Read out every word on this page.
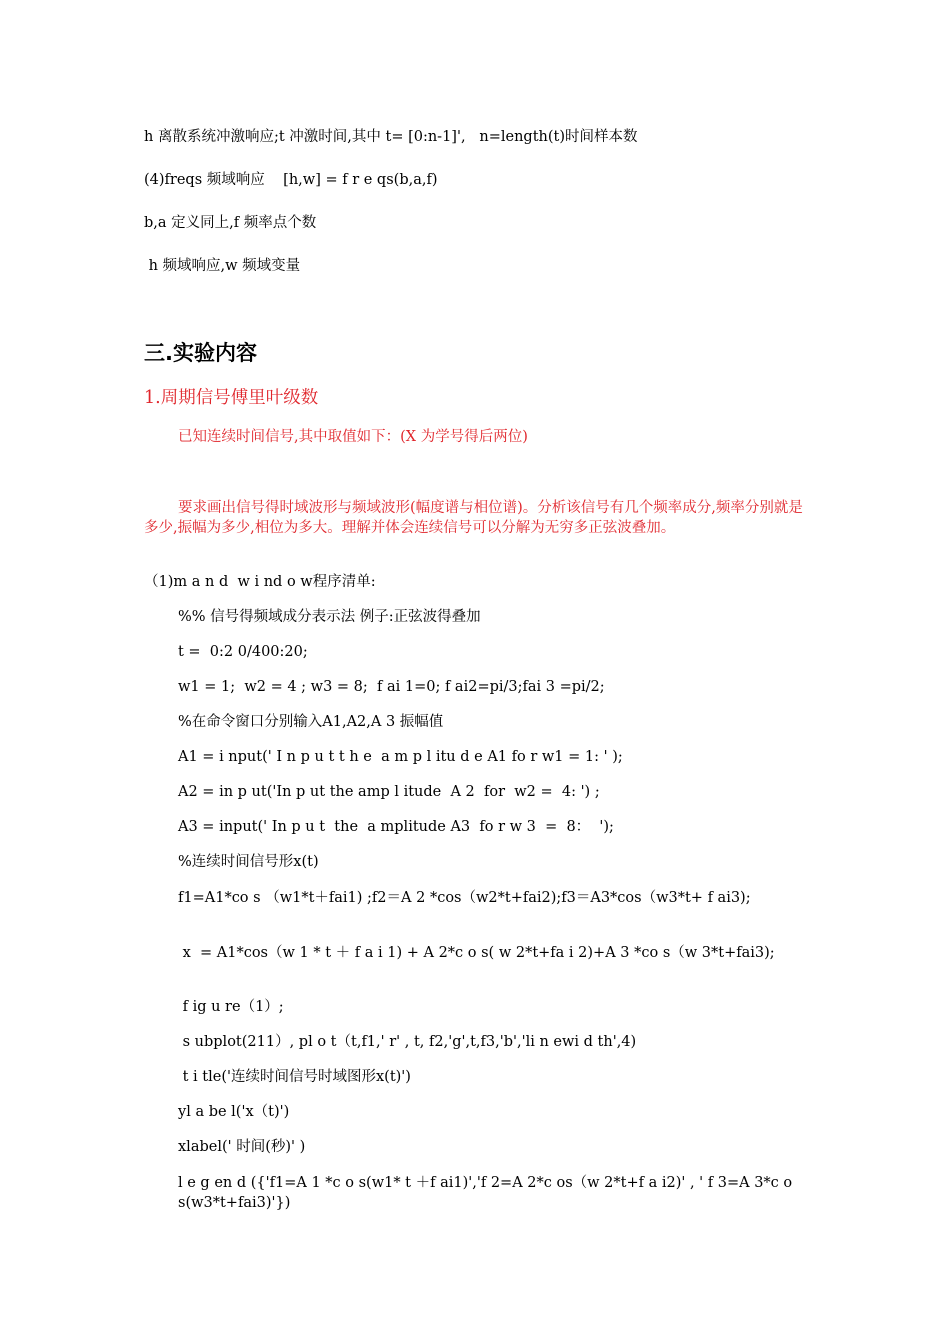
h 离散系统冲激响应;t 冲激时间,其中 t= [0:n-1]',   n=length(t)时间样本数
(4)freqs 频域响应    [h,w] = f r e qs(b,a,f)
b,a 定义同上,f 频率点个数
h 频域响应,w 频域变量
三.实验内容
1.周期信号傅里叶级数
已知连续时间信号,其中取值如下：(X 为学号得后两位)
要求画出信号得时域波形与频域波形(幅度谱与相位谱)。分析该信号有几个频率成分,频率分别就是多少,振幅为多少,相位为多大。理解并体会连续信号可以分解为无穷多正弦波叠加。
（1)m a n d  w i nd o w程序清单:
%% 信号得频域成分表示法 例子:正弦波得叠加
t =  0:2 0/400:20;
w1 = 1;  w2 = 4 ; w3 = 8;  f ai 1=0; f ai2=pi/3;fai 3 =pi/2;
%在命令窗口分别输入A1,A2,A 3 振幅值
A1 = i nput(' I n p u t t h e  a m p l itu d e A1 fo r w1 = 1: ' );
A2 = in p ut('In p ut the amp l itude  A 2  for  w2 =  4: ') ;
A3 = input(' In p u t  the  a mplitude A3  fo r w 3  =  8：  ');
%连续时间信号形x(t)
f1=A1*co s （w1*t＋fai1) ;f2＝A 2 *cos（w2*t+fai2);f3＝A3*cos（w3*t+ f ai3);
x  = A1*cos（w 1 * t ＋ f a i 1) + A 2*c o s( w 2*t+fa i 2)+A 3 *co s（w 3*t+fai3);
f ig u re（1）;
s ubplot(211）, pl o t（t,f1,' r' , t, f2,'g',t,f3,'b','li n ewi d th',4)
t i tle('连续时间信号时域图形x(t)')
yl a be l('x（t)')
xlabel(' 时间(秒)' )
l e g en d ({'f1=A 1 *c o s(w1* t ＋f ai1)','f 2=A 2*c os（w 2*t+f a i2)' , ' f 3=A 3*c o s(w3*t+fai3)'})
